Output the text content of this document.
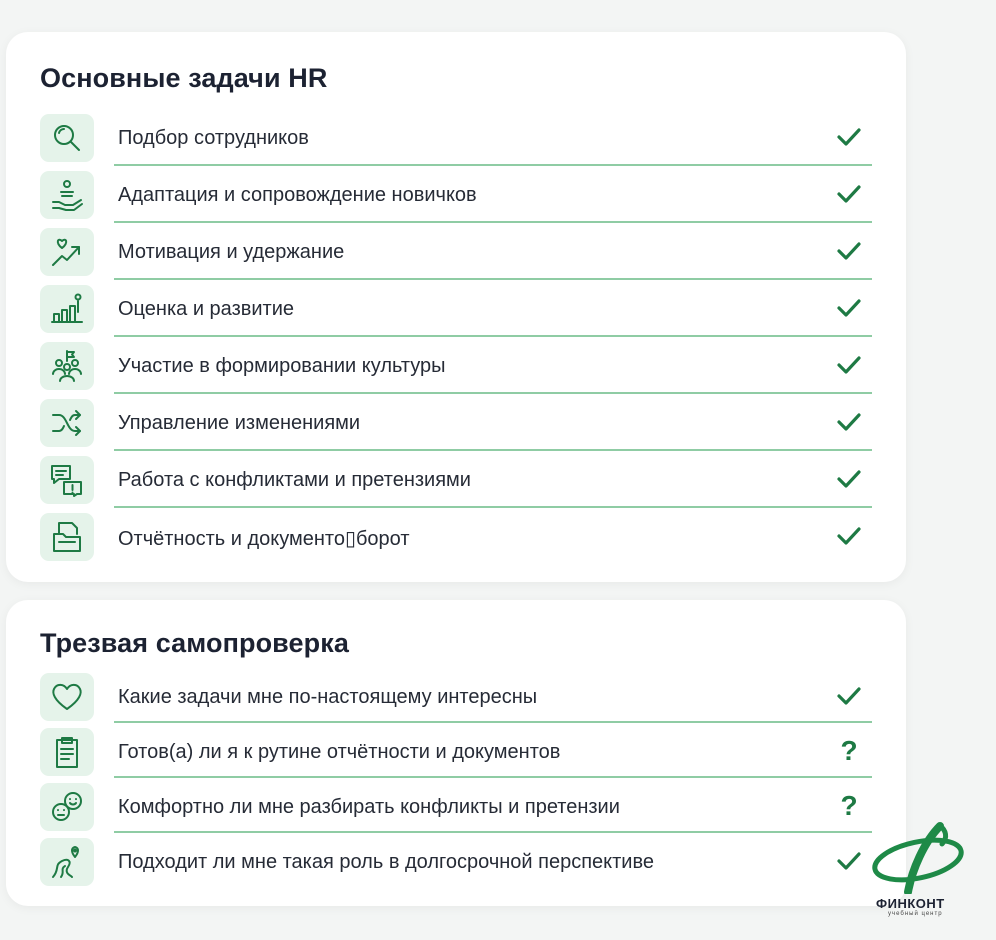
Основные задачи HR
Подбор сотрудников
Адаптация и сопровождение новичков
Мотивация и удержание
Оценка и развитие
Участие в формировании культуры
Управление изменениями
Работа с конфликтами и претензиями
Отчётность и документо▯борот
Трезвая самопроверка
Какие задачи мне по-настоящему интересны
Готов(а) ли я к рутине отчётности и документов	?
Комфортно ли мне разбирать конфликты и претензии	?
Подходит ли мне такая роль в долгосрочной перспективе
ФИНКОНТ
учебный центр
